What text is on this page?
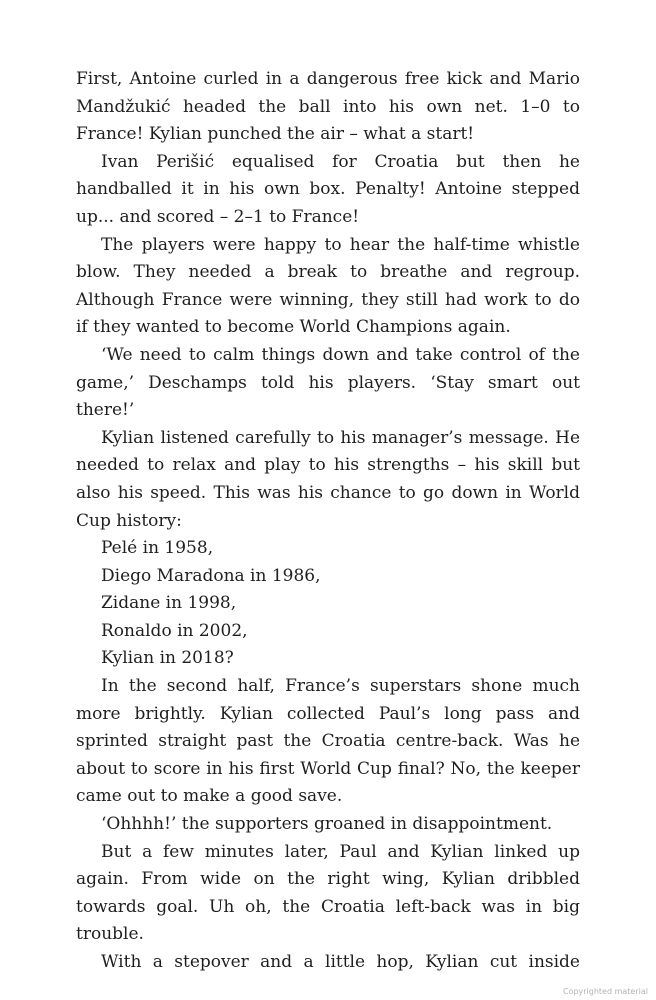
First, Antoine curled in a dangerous free kick and Mario Mandžukić headed the ball into his own net. 1–0 to France! Kylian punched the air – what a start!

Ivan Perišić equalised for Croatia but then he handballed it in his own box. Penalty! Antoine stepped up... and scored – 2–1 to France!

The players were happy to hear the half-time whistle blow. They needed a break to breathe and regroup. Although France were winning, they still had work to do if they wanted to become World Champions again.

‘We need to calm things down and take control of the game,’ Deschamps told his players. ‘Stay smart out there!’

Kylian listened carefully to his manager’s message. He needed to relax and play to his strengths – his skill but also his speed. This was his chance to go down in World Cup history:

Pelé in 1958,

Diego Maradona in 1986,

Zidane in 1998,

Ronaldo in 2002,

Kylian in 2018?

In the second half, France’s superstars shone much more brightly. Kylian collected Paul’s long pass and sprinted straight past the Croatia centre-back. Was he about to score in his first World Cup final? No, the keeper came out to make a good save.

‘Ohhhh!’ the supporters groaned in disappointment.

But a few minutes later, Paul and Kylian linked up again. From wide on the right wing, Kylian dribbled towards goal. Uh oh, the Croatia left-back was in big trouble.

With a stepover and a little hop, Kylian cut inside

Copyrighted material
